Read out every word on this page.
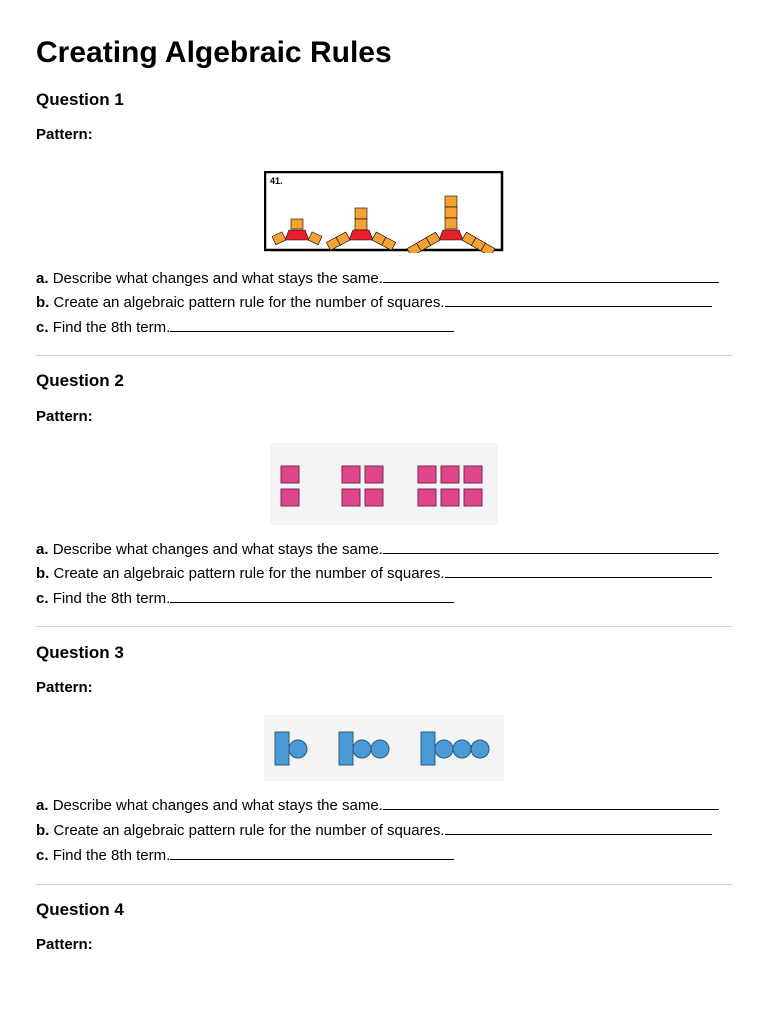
Creating Algebraic Rules
Question 1
Pattern:
41.
a. Describe what changes and what stays the same.
b. Create an algebraic pattern rule for the number of squares.
c. Find the 8th term.
Question 2
Pattern:
a. Describe what changes and what stays the same.
b. Create an algebraic pattern rule for the number of squares.
c. Find the 8th term.
Question 3
Pattern:
a. Describe what changes and what stays the same.
b. Create an algebraic pattern rule for the number of squares.
c. Find the 8th term.
Question 4
Pattern:
